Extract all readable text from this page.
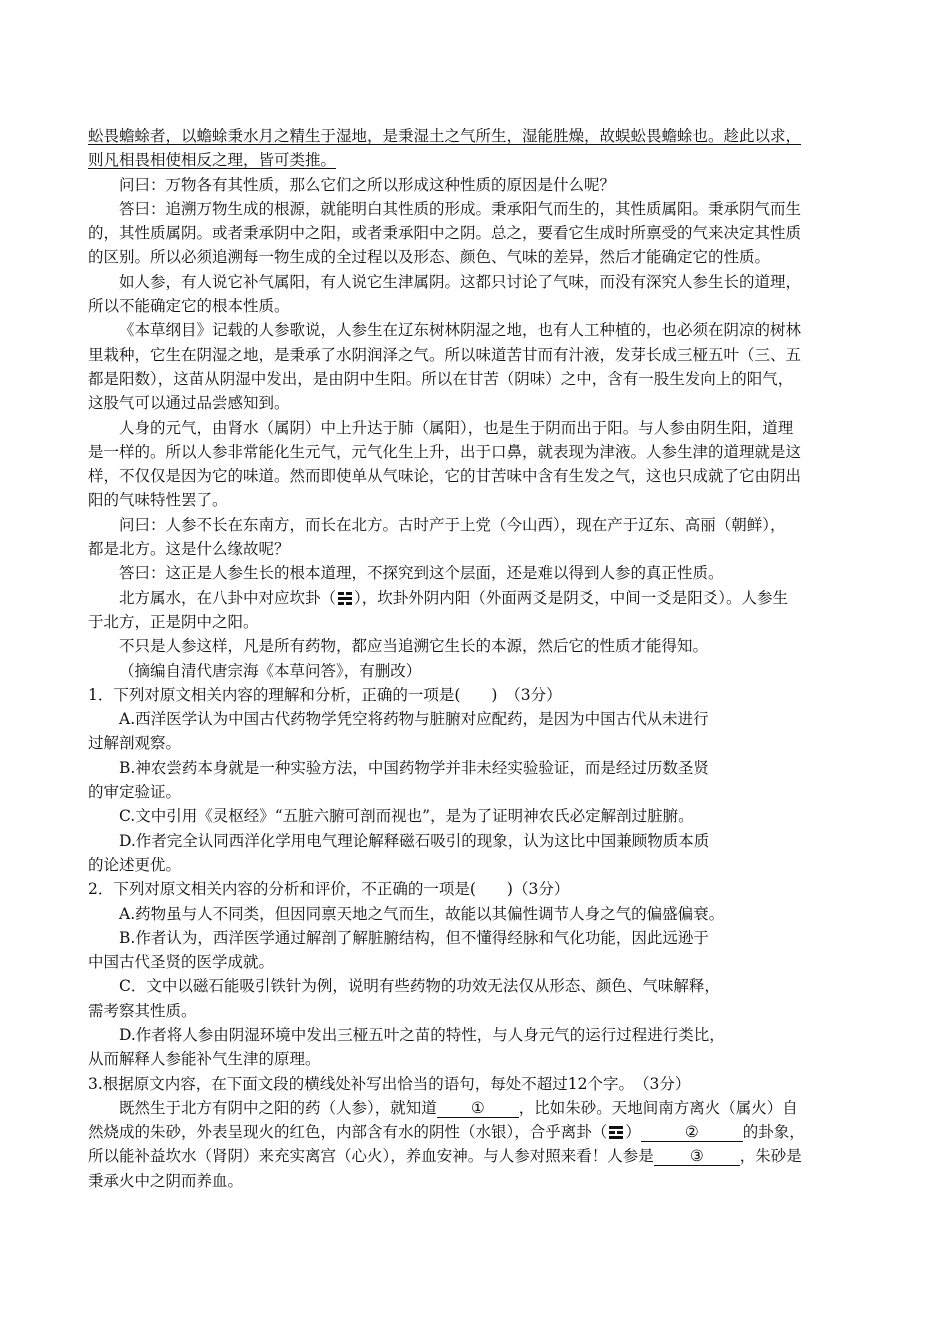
蚣畏蟾蜍者，以蟾蜍秉水月之精生于湿地，是秉湿土之气所生，湿能胜燥，故蜈蚣畏蟾蜍也。趁此以求，
则凡相畏相使相反之理，皆可类推。
问曰：万物各有其性质，那么它们之所以形成这种性质的原因是什么呢？
答曰：追溯万物生成的根源，就能明白其性质的形成。秉承阳气而生的，其性质属阳。秉承阴气而生
的，其性质属阴。或者秉承阴中之阳，或者秉承阳中之阴。总之，要看它生成时所禀受的气来决定其性质
的区别。所以必须追溯每一物生成的全过程以及形态、颜色、气味的差异，然后才能确定它的性质。
如人参，有人说它补气属阳，有人说它生津属阴。这都只讨论了气味，而没有深究人参生长的道理，
所以不能确定它的根本性质。
《本草纲目》记载的人参歌说，人参生在辽东树林阴湿之地，也有人工种植的，也必须在阴凉的树林
里栽种，它生在阴湿之地，是秉承了水阴润泽之气。所以味道苦甘而有汁液，发芽长成三桠五叶（三、五
都是阳数），这苗从阴湿中发出，是由阴中生阳。所以在甘苦（阴味）之中，含有一股生发向上的阳气，
这股气可以通过品尝感知到。
人身的元气，由肾水（属阴）中上升达于肺（属阳），也是生于阴而出于阳。与人参由阴生阳，道理
是一样的。所以人参非常能化生元气，元气化生上升，出于口鼻，就表现为津液。人参生津的道理就是这
样，不仅仅是因为它的味道。然而即使单从气味论，它的甘苦味中含有生发之气，这也只成就了它由阴出
阳的气味特性罢了。
问曰：人参不长在东南方，而长在北方。古时产于上党（今山西），现在产于辽东、高丽（朝鲜），
都是北方。这是什么缘故呢？
答曰：这正是人参生长的根本道理，不探究到这个层面，还是难以得到人参的真正性质。
北方属水，在八卦中对应坎卦（ ），坎卦外阴内阳（外面两爻是阴爻，中间一爻是阳爻）。人参生
于北方，正是阴中之阳。
不只是人参这样，凡是所有药物，都应当追溯它生长的本源，然后它的性质才能得知。
（摘编自清代唐宗海《本草问答》，有删改）
1．下列对原文相关内容的理解和分析，正确的一项是(　　)　（3分）
A.西洋医学认为中国古代药物学凭空将药物与脏腑对应配药，是因为中国古代从未进行
过解剖观察。
B.神农尝药本身就是一种实验方法，中国药物学并非未经实验验证，而是经过历数圣贤
的审定验证。
C.文中引用《灵枢经》“五脏六腑可剖而视也”，是为了证明神农氏必定解剖过脏腑。
D.作者完全认同西洋化学用电气理论解释磁石吸引的现象，认为这比中国兼顾物质本质
的论述更优。
2．下列对原文相关内容的分析和评价，不正确的一项是(　　)（3分）
A.药物虽与人不同类，但因同禀天地之气而生，故能以其偏性调节人身之气的偏盛偏衰。
B.作者认为，西洋医学通过解剖了解脏腑结构，但不懂得经脉和气化功能，因此远逊于
中国古代圣贤的医学成就。
C．文中以磁石能吸引铁针为例，说明有些药物的功效无法仅从形态、颜色、气味解释，
需考察其性质。
D.作者将人参由阴湿环境中发出三桠五叶之苗的特性，与人身元气的运行过程进行类比，
从而解释人参能补气生津的原理。
3.根据原文内容，在下面文段的横线处补写出恰当的语句，每处不超过12个字。　（3分）
既然生于北方有阴中之阳的药（人参），就知道 ① ，比如朱砂。天地间南方离火（属火）自
然烧成的朱砂，外表呈现火的红色，内部含有水的阴性（水银），合乎离卦（ ）	②	的卦象，
所以能补益坎水（肾阴）来充实离宫（心火），养血安神。与人参对照来看！人参是 ③ ，朱砂是
秉承火中之阴而养血。
